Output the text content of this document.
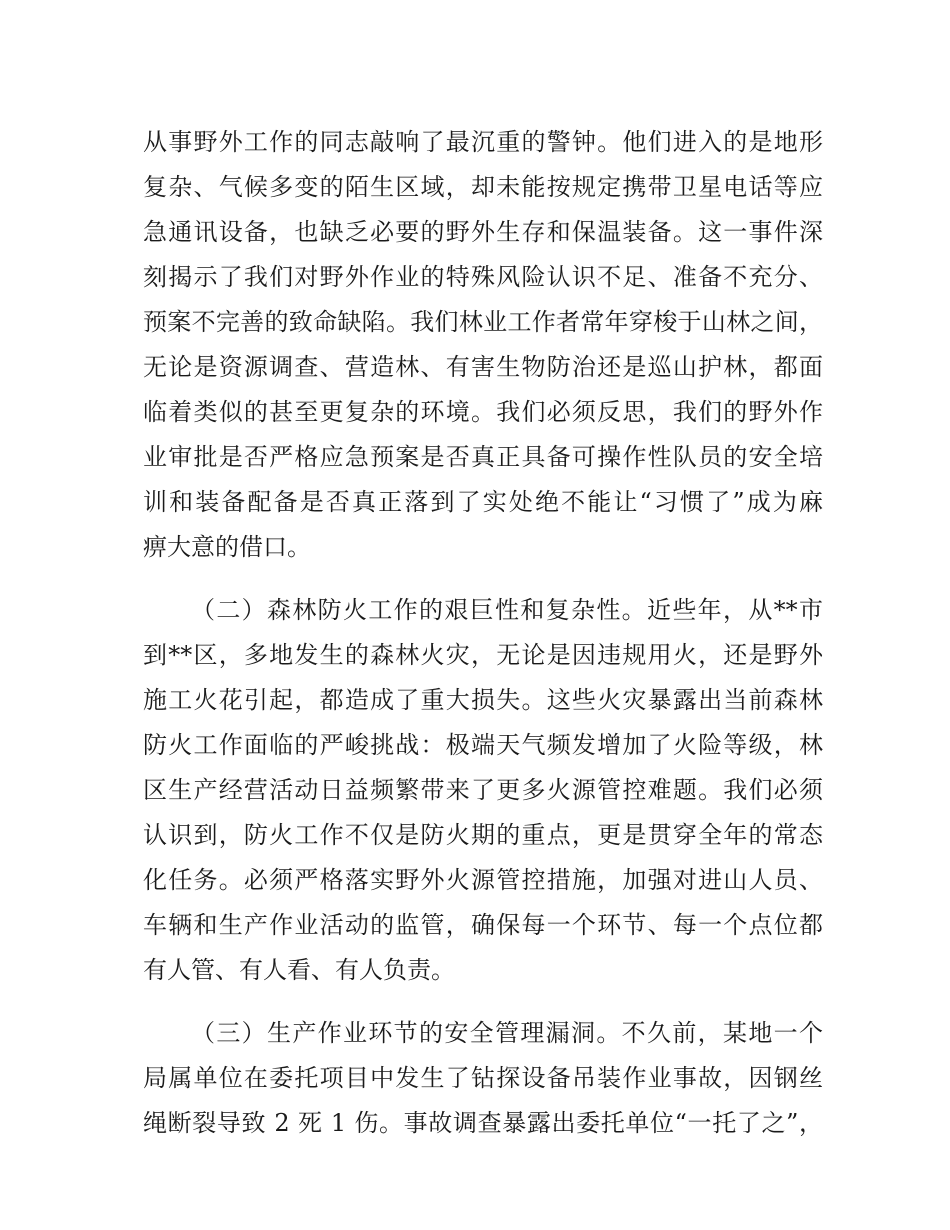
从事野外工作的同志敲响了最沉重的警钟。他们进入的是地形
复杂、气候多变的陌生区域，却未能按规定携带卫星电话等应
急通讯设备，也缺乏必要的野外生存和保温装备。这一事件深
刻揭示了我们对野外作业的特殊风险认识不足、准备不充分、
预案不完善的致命缺陷。我们林业工作者常年穿梭于山林之间，
无论是资源调查、营造林、有害生物防治还是巡山护林，都面
临着类似的甚至更复杂的环境。我们必须反思，我们的野外作
业审批是否严格应急预案是否真正具备可操作性队员的安全培
训和装备配备是否真正落到了实处绝不能让“习惯了”成为麻
痹大意的借口。
（二）森林防火工作的艰巨性和复杂性。近些年，从**市
到**区，多地发生的森林火灾，无论是因违规用火，还是野外
施工火花引起，都造成了重大损失。这些火灾暴露出当前森林
防火工作面临的严峻挑战：极端天气频发增加了火险等级，林
区生产经营活动日益频繁带来了更多火源管控难题。我们必须
认识到，防火工作不仅是防火期的重点，更是贯穿全年的常态
化任务。必须严格落实野外火源管控措施，加强对进山人员、
车辆和生产作业活动的监管，确保每一个环节、每一个点位都
有人管、有人看、有人负责。
（三）生产作业环节的安全管理漏洞。不久前，某地一个
局属单位在委托项目中发生了钻探设备吊装作业事故，因钢丝
绳断裂导致 2 死 1 伤。事故调查暴露出委托单位“一托了之”，
